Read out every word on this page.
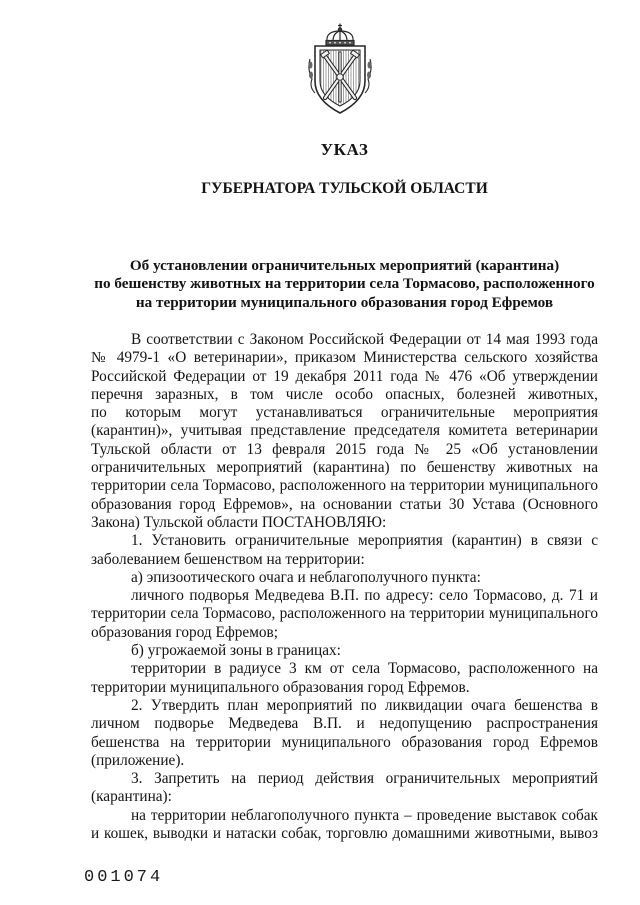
УКАЗ
ГУБЕРНАТОРА ТУЛЬСКОЙ ОБЛАСТИ
Об установлении ограничительных мероприятий (карантина)
по бешенству животных на территории села Тормасово, расположенного
на территории муниципального образования город Ефремов
В соответствии с Законом Российской Федерации от 14 мая 1993 года
№ 4979-1 «О ветеринарии», приказом Министерства сельского хозяйства
Российской Федерации от 19 декабря 2011 года № 476 «Об утверждении
перечня заразных, в том числе особо опасных, болезней животных,
по которым могут устанавливаться ограничительные мероприятия
(карантин)», учитывая представление председателя комитета ветеринарии
Тульской области от 13 февраля 2015 года № 25 «Об установлении
ограничительных мероприятий (карантина) по бешенству животных на
территории села Тормасово, расположенного на территории муниципального
образования город Ефремов», на основании статьи 30 Устава (Основного
Закона) Тульской области ПОСТАНОВЛЯЮ:
1. Установить ограничительные мероприятия (карантин) в связи с
заболеванием бешенством на территории:
а) эпизоотического очага и неблагополучного пункта:
личного подворья Медведева В.П. по адресу: село Тормасово, д. 71 и
территории села Тормасово, расположенного на территории муниципального
образования город Ефремов;
б) угрожаемой зоны в границах:
территории в радиусе 3 км от села Тормасово, расположенного на
территории муниципального образования город Ефремов.
2. Утвердить план мероприятий по ликвидации очага бешенства в
личном подворье Медведева В.П. и недопущению распространения
бешенства на территории муниципального образования город Ефремов
(приложение).
3. Запретить на период действия ограничительных мероприятий
(карантина):
на территории неблагополучного пункта – проведение выставок собак
и кошек, выводки и натаски собак, торговлю домашними животными, вывоз
001074
